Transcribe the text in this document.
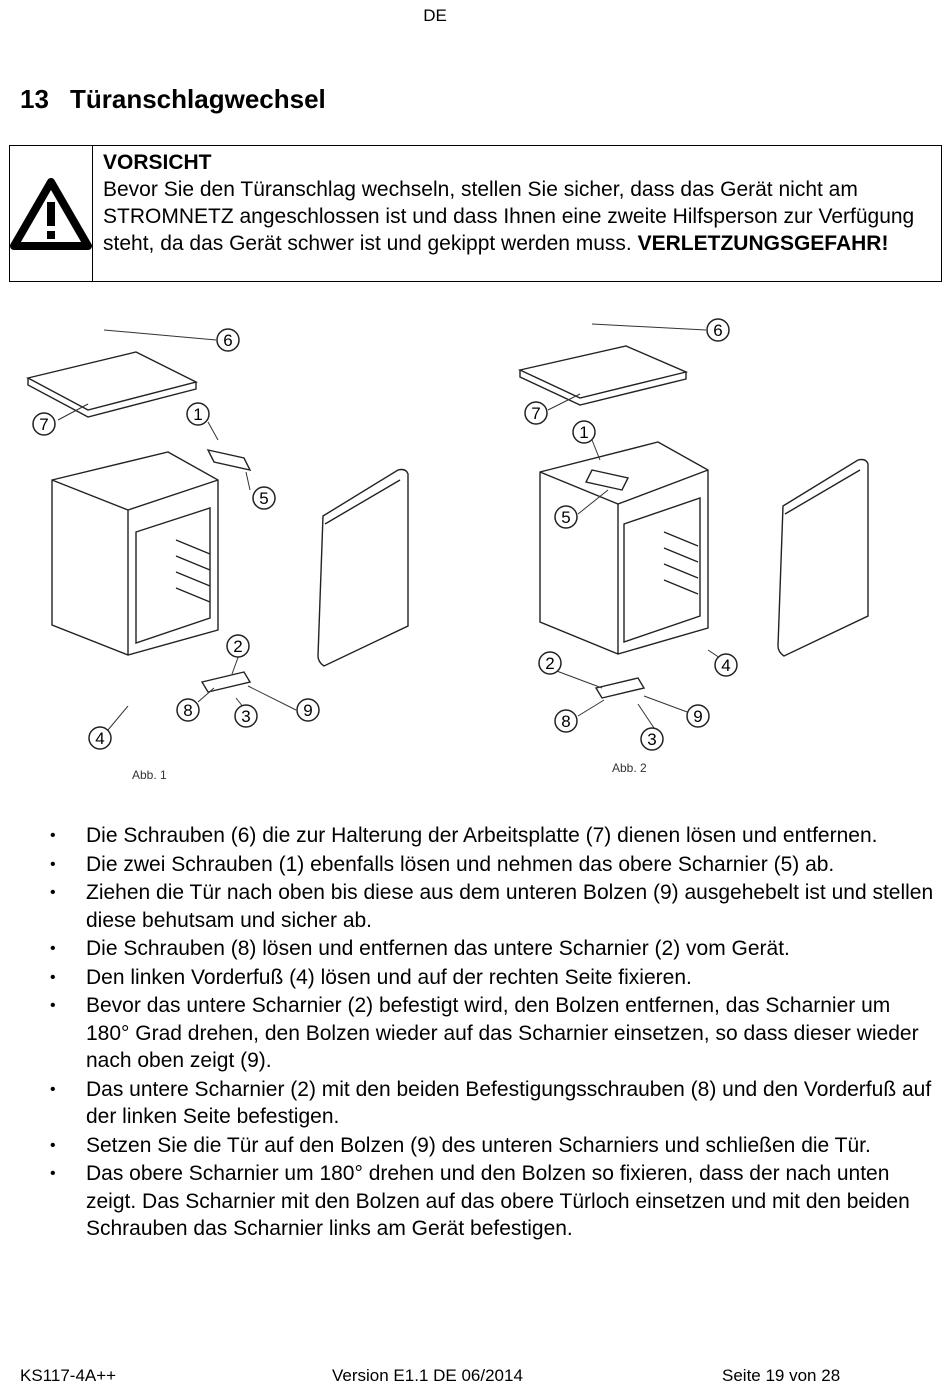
DE
13 Türanschlagwechsel
VORSICHT
Bevor Sie den Türanschlag wechseln, stellen Sie sicher, dass das Gerät nicht am STROMNETZ angeschlossen ist und dass Ihnen eine zweite Hilfsperson zur Verfügung steht, da das Gerät schwer ist und gekippt werden muss. VERLETZUNGSGEFAHR!
1
1
2
2
3
3
4
4
5
5
6
6
7
7
8
8
9	9
Abb. 1	Abb. 2
• Die Schrauben (6) die zur Halterung der Arbeitsplatte (7) dienen lösen und entfernen.
• Die zwei Schrauben (1) ebenfalls lösen und nehmen das obere Scharnier (5) ab.
• Ziehen die Tür nach oben bis diese aus dem unteren Bolzen (9) ausgehebelt ist und stellen diese behutsam und sicher ab.
• Die Schrauben (8) lösen und entfernen das untere Scharnier (2) vom Gerät.
• Den linken Vorderfuß (4) lösen und auf der rechten Seite fixieren.
• Bevor das untere Scharnier (2) befestigt wird, den Bolzen entfernen, das Scharnier um 180° Grad drehen, den Bolzen wieder auf das Scharnier einsetzen, so dass dieser wieder nach oben zeigt (9).
• Das untere Scharnier (2) mit den beiden Befestigungsschrauben (8) und den Vorderfuß auf der linken Seite befestigen.
• Setzen Sie die Tür auf den Bolzen (9) des unteren Scharniers und schließen die Tür.
• Das obere Scharnier um 180° drehen und den Bolzen so fixieren, dass der nach unten zeigt. Das Scharnier mit den Bolzen auf das obere Türloch einsetzen und mit den beiden Schrauben das Scharnier links am Gerät befestigen.
KS117-4A++	Version E1.1 DE 06/2014	Seite 19 von 28
